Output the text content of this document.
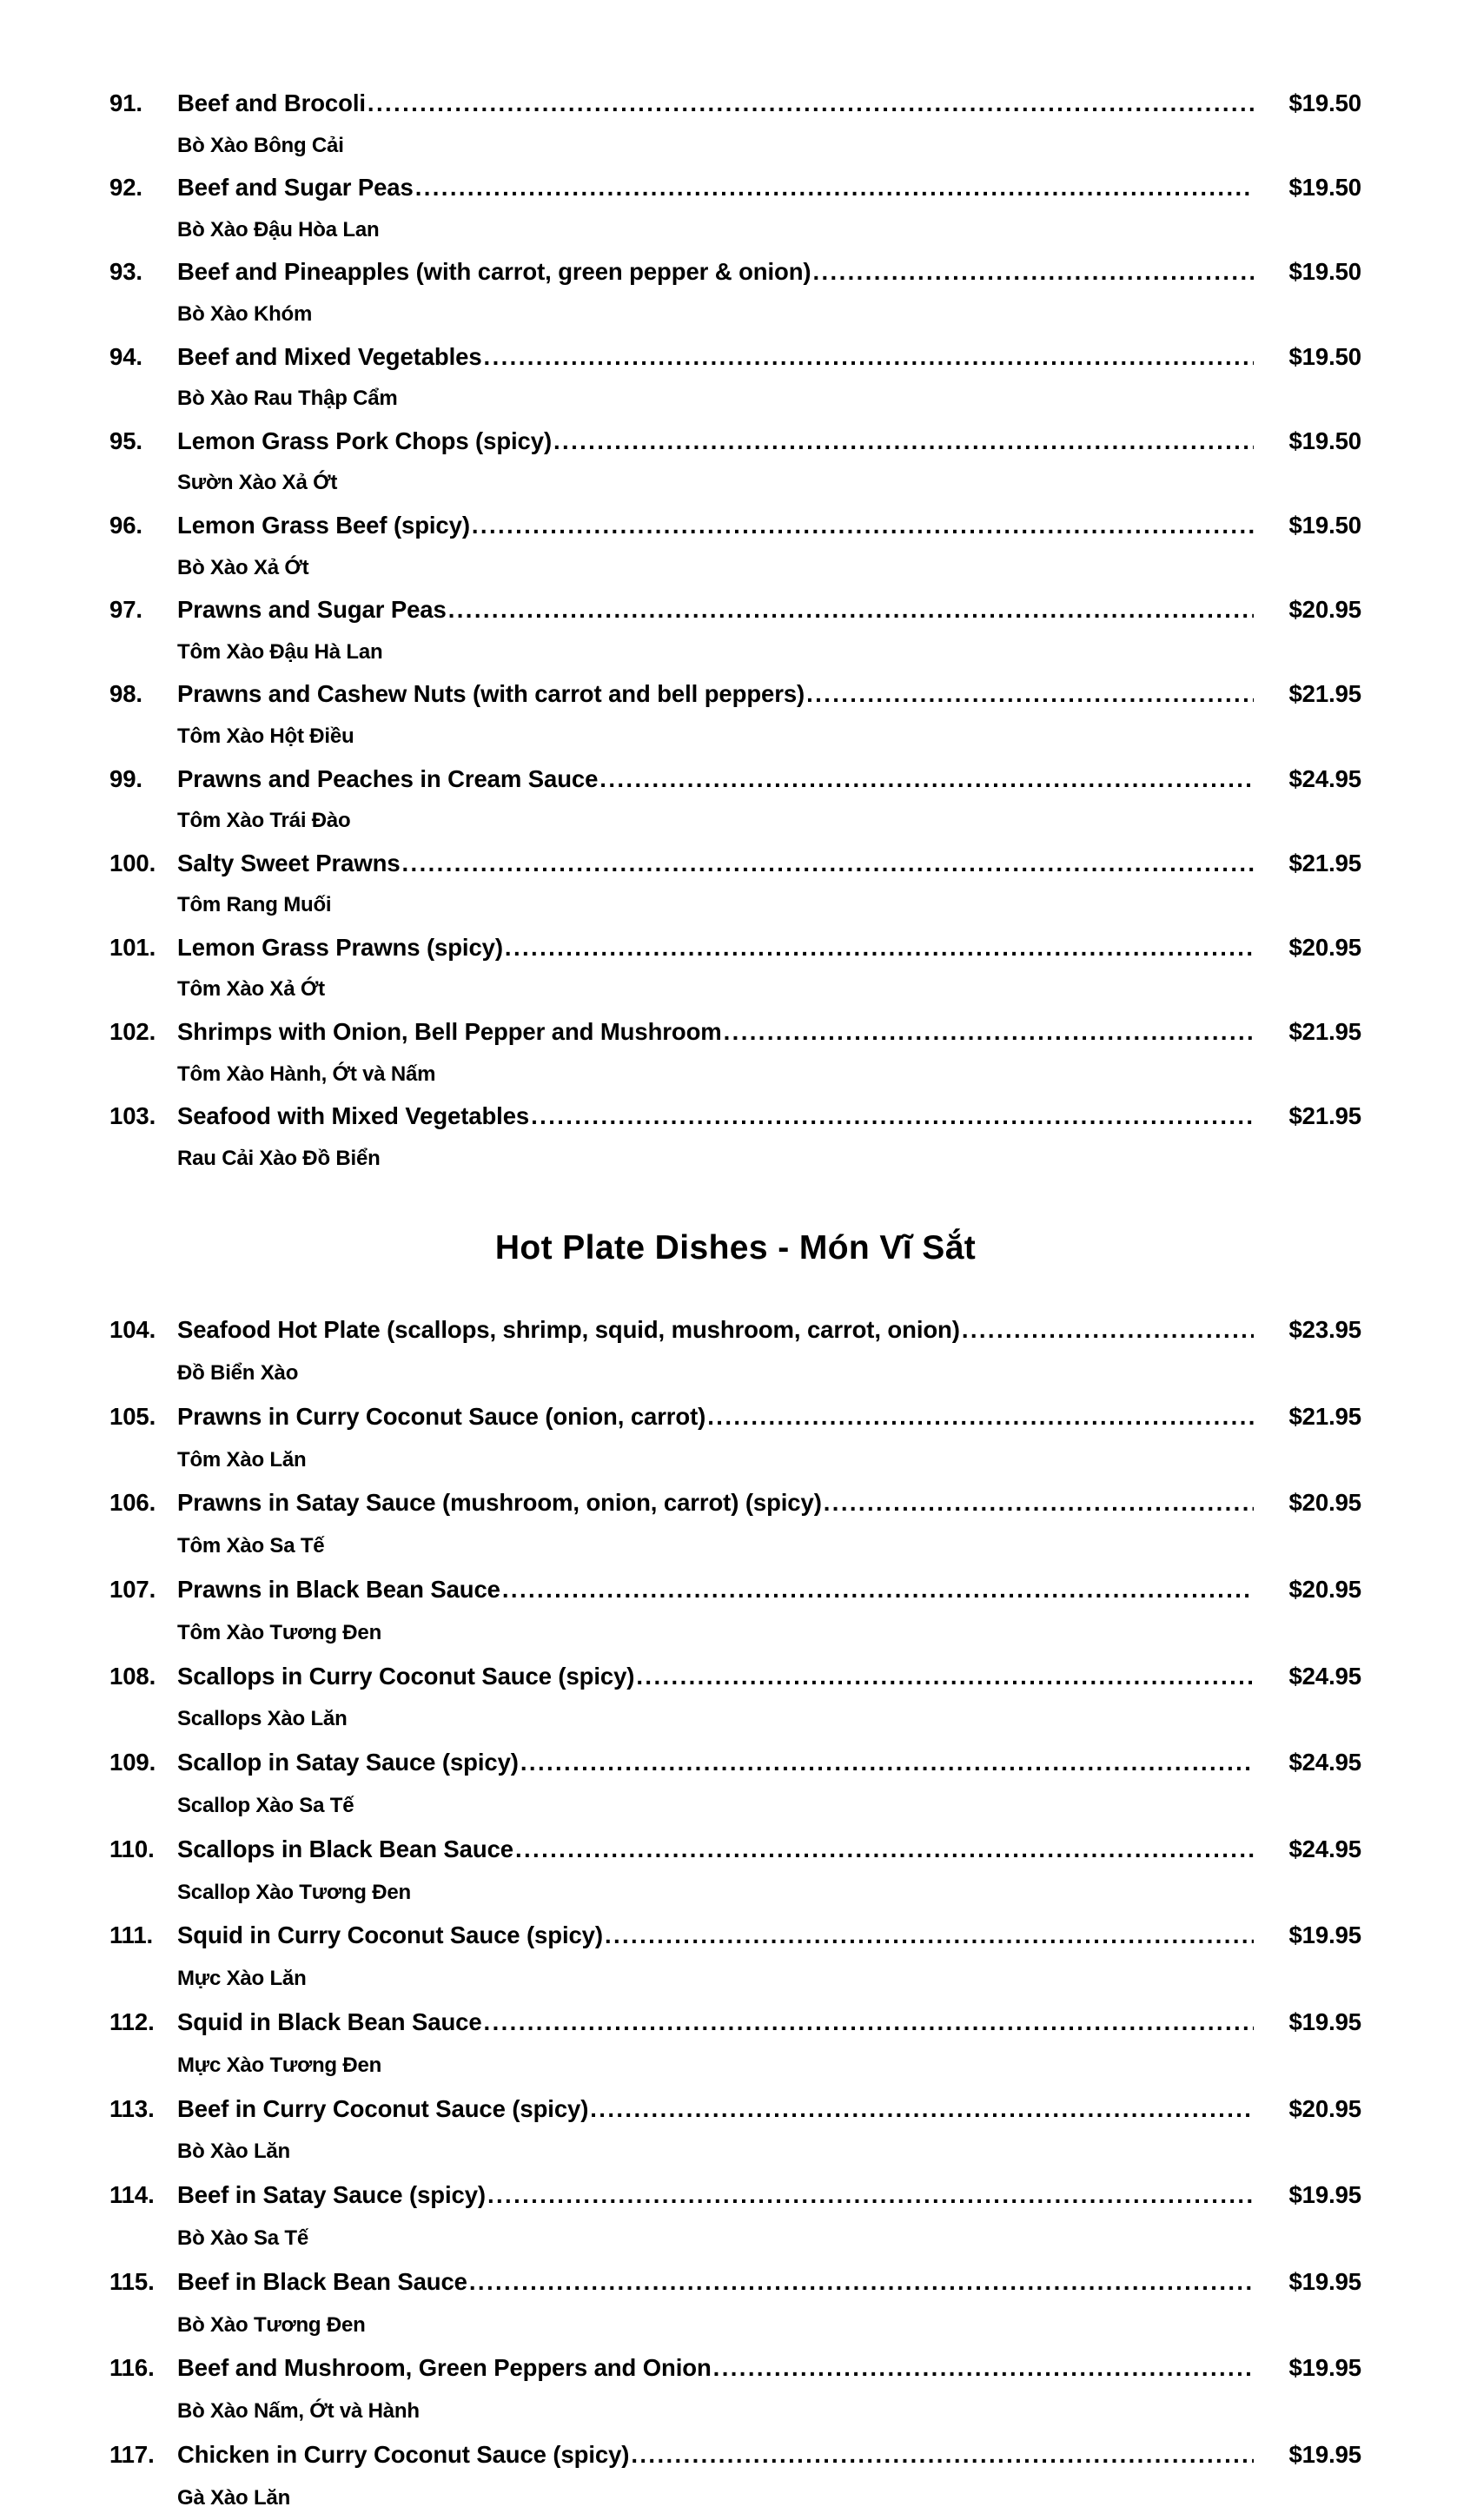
91.	Beef and Brocoli .....	$19.50
Bò Xào Bông Cải
92.	Beef and Sugar Peas .....	$19.50
Bò Xào Đậu Hòa Lan
93.	Beef and Pineapples (with carrot, green pepper & onion) .....	$19.50
Bò Xào Khóm
94.	Beef and Mixed Vegetables .....	$19.50
Bò Xào Rau Thập Cẩm
95.	Lemon Grass Pork Chops (spicy) .....	$19.50
Sườn Xào Xả Ớt
96.	Lemon Grass Beef (spicy) .....	$19.50
Bò Xào Xả Ớt
97.	Prawns and Sugar Peas .....	$20.95
Tôm Xào Đậu Hà Lan
98.	Prawns and Cashew Nuts (with carrot and bell peppers) .....	$21.95
Tôm Xào Hột Điều
99.	Prawns and Peaches in Cream Sauce .....	$24.95
Tôm Xào Trái Đào
100. Salty Sweet Prawns .....	$21.95
Tôm Rang Muối
101. Lemon Grass Prawns (spicy) .....	$20.95
Tôm Xào Xả Ớt
102. Shrimps with Onion, Bell Pepper and Mushroom .....	$21.95
Tôm Xào Hành, Ớt và Nấm
103. Seafood with Mixed Vegetables .....	$21.95
Rau Cải Xào Đồ Biển
Hot Plate Dishes - Món Vĩ Sắt
104. Seafood Hot Plate (scallops, shrimp, squid, mushroom, carrot, onion) .....	$23.95
Đồ Biển Xào
105. Prawns in Curry Coconut Sauce (onion, carrot) .....	$21.95
Tôm Xào Lăn
106. Prawns in Satay Sauce (mushroom, onion, carrot) (spicy) .....	$20.95
Tôm Xào Sa Tế
107. Prawns in Black Bean Sauce .....	$20.95
Tôm Xào Tương Đen
108. Scallops in Curry Coconut Sauce (spicy) .....	$24.95
Scallops Xào Lăn
109. Scallop in Satay Sauce (spicy) .....	$24.95
Scallop Xào Sa Tế
110. Scallops in Black Bean Sauce .....	$24.95
Scallop Xào Tương Đen
111.	Squid in Curry Coconut Sauce (spicy) .....	$19.95
Mực Xào Lăn
112. Squid in Black Bean Sauce .....	$19.95
Mực Xào Tương Đen
113. Beef in Curry Coconut Sauce (spicy) .....	$20.95
Bò Xào Lăn
114. Beef in Satay Sauce (spicy) .....	$19.95
Bò Xào Sa Tế
115. Beef in Black Bean Sauce .....	$19.95
Bò Xào Tương Đen
116. Beef and Mushroom, Green Peppers and Onion .....	$19.95
Bò Xào Nấm, Ớt và Hành
117. Chicken in Curry Coconut Sauce (spicy) .....	$19.95
Gà Xào Lăn
